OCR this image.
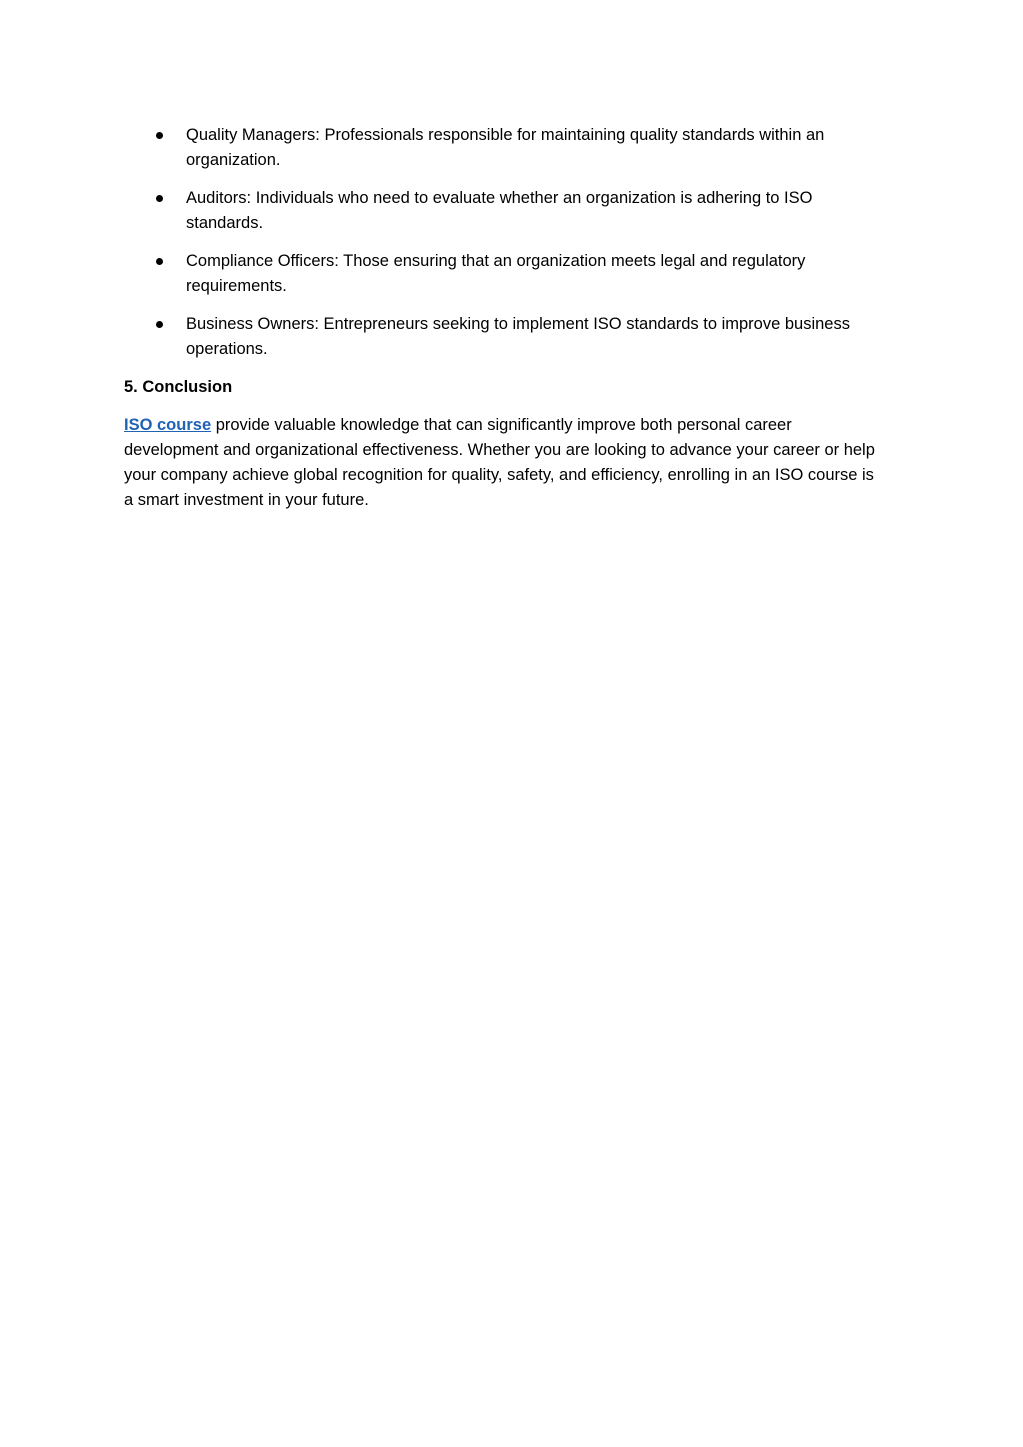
Quality Managers: Professionals responsible for maintaining quality standards within an organization.
Auditors: Individuals who need to evaluate whether an organization is adhering to ISO standards.
Compliance Officers: Those ensuring that an organization meets legal and regulatory requirements.
Business Owners: Entrepreneurs seeking to implement ISO standards to improve business operations.

5. Conclusion

ISO course provide valuable knowledge that can significantly improve both personal career development and organizational effectiveness. Whether you are looking to advance your career or help your company achieve global recognition for quality, safety, and efficiency, enrolling in an ISO course is a smart investment in your future.
